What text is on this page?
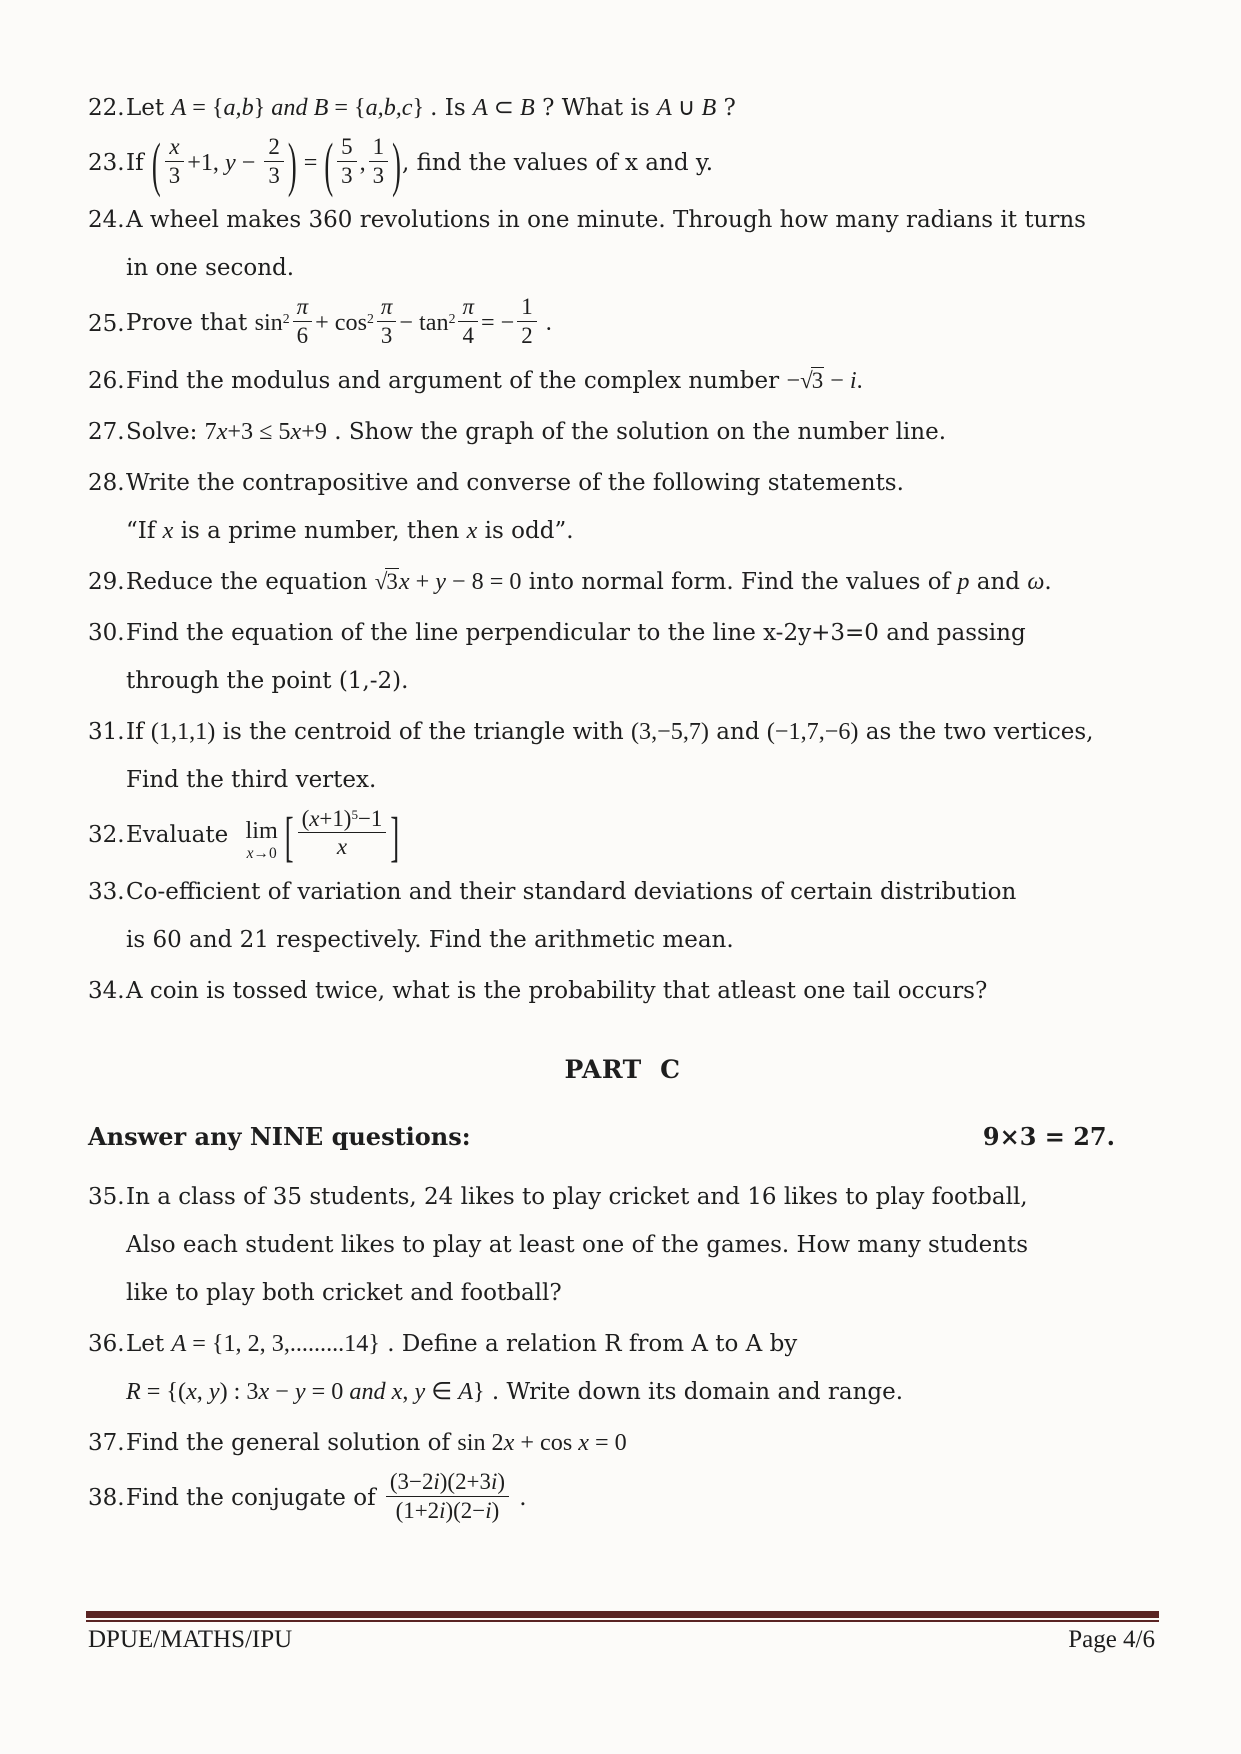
22. Let A = {a,b} and B = {a,b,c} . Is A ⊂ B ? What is A ∪ B ?
23. If ( $\frac{x}{3} +1$, $y - \frac{2}{3}$ ) = ( $\frac{5}{3}$ , $\frac{1}{3}$ ), find the values of x and y.
24. A wheel makes 360 revolutions in one minute. Through how many radians it turns
in one second.
25. Prove that $\sin^2 \frac{\pi}{6} + \cos^2 \frac{\pi}{3} - \tan^2 \frac{\pi}{4}$ = − $\frac{1}{2}$ .
26. Find the modulus and argument of the complex number −√3 − i.
27. Solve: 7x+3 ≤ 5x+9 . Show the graph of the solution on the number line.
28. Write the contrapositive and converse of the following statements.
“If x is a prime number, then x is odd”.
29. Reduce the equation √3x + y − 8 = 0 into normal form. Find the values of p and ω.
30. Find the equation of the line perpendicular to the line x-2y+3=0 and passing
through the point (1,-2).
31. If (1,1,1) is the centroid of the triangle with (3,−5,7) and (−1,7,−6) as the two vertices,
Find the third vertex.
32. Evaluate lim
x→0 [ $\frac{(x+1)^5-1}{x}$ ]
33. Co-efficient of variation and their standard deviations of certain distribution
is 60 and 21 respectively. Find the arithmetic mean.
34. A coin is tossed twice, what is the probability that atleast one tail occurs?
PART  C
Answer any NINE questions:	9×3 = 27.
35. In a class of 35 students, 24 likes to play cricket and 16 likes to play football,
Also each student likes to play at least one of the games. How many students
like to play both cricket and football?
36. Let A = {1, 2, 3,.........14} . Define a relation R from A to A by
R = {(x, y) : 3x − y = 0 and x, y ∈ A} . Write down its domain and range.
37. Find the general solution of sin 2x + cos x = 0
38. Find the conjugate of $\frac{(3-2i)(2+3i)}{(1+2i)(2-i)}$ .
DPUE/MATHS/IPU	Page 4/6
